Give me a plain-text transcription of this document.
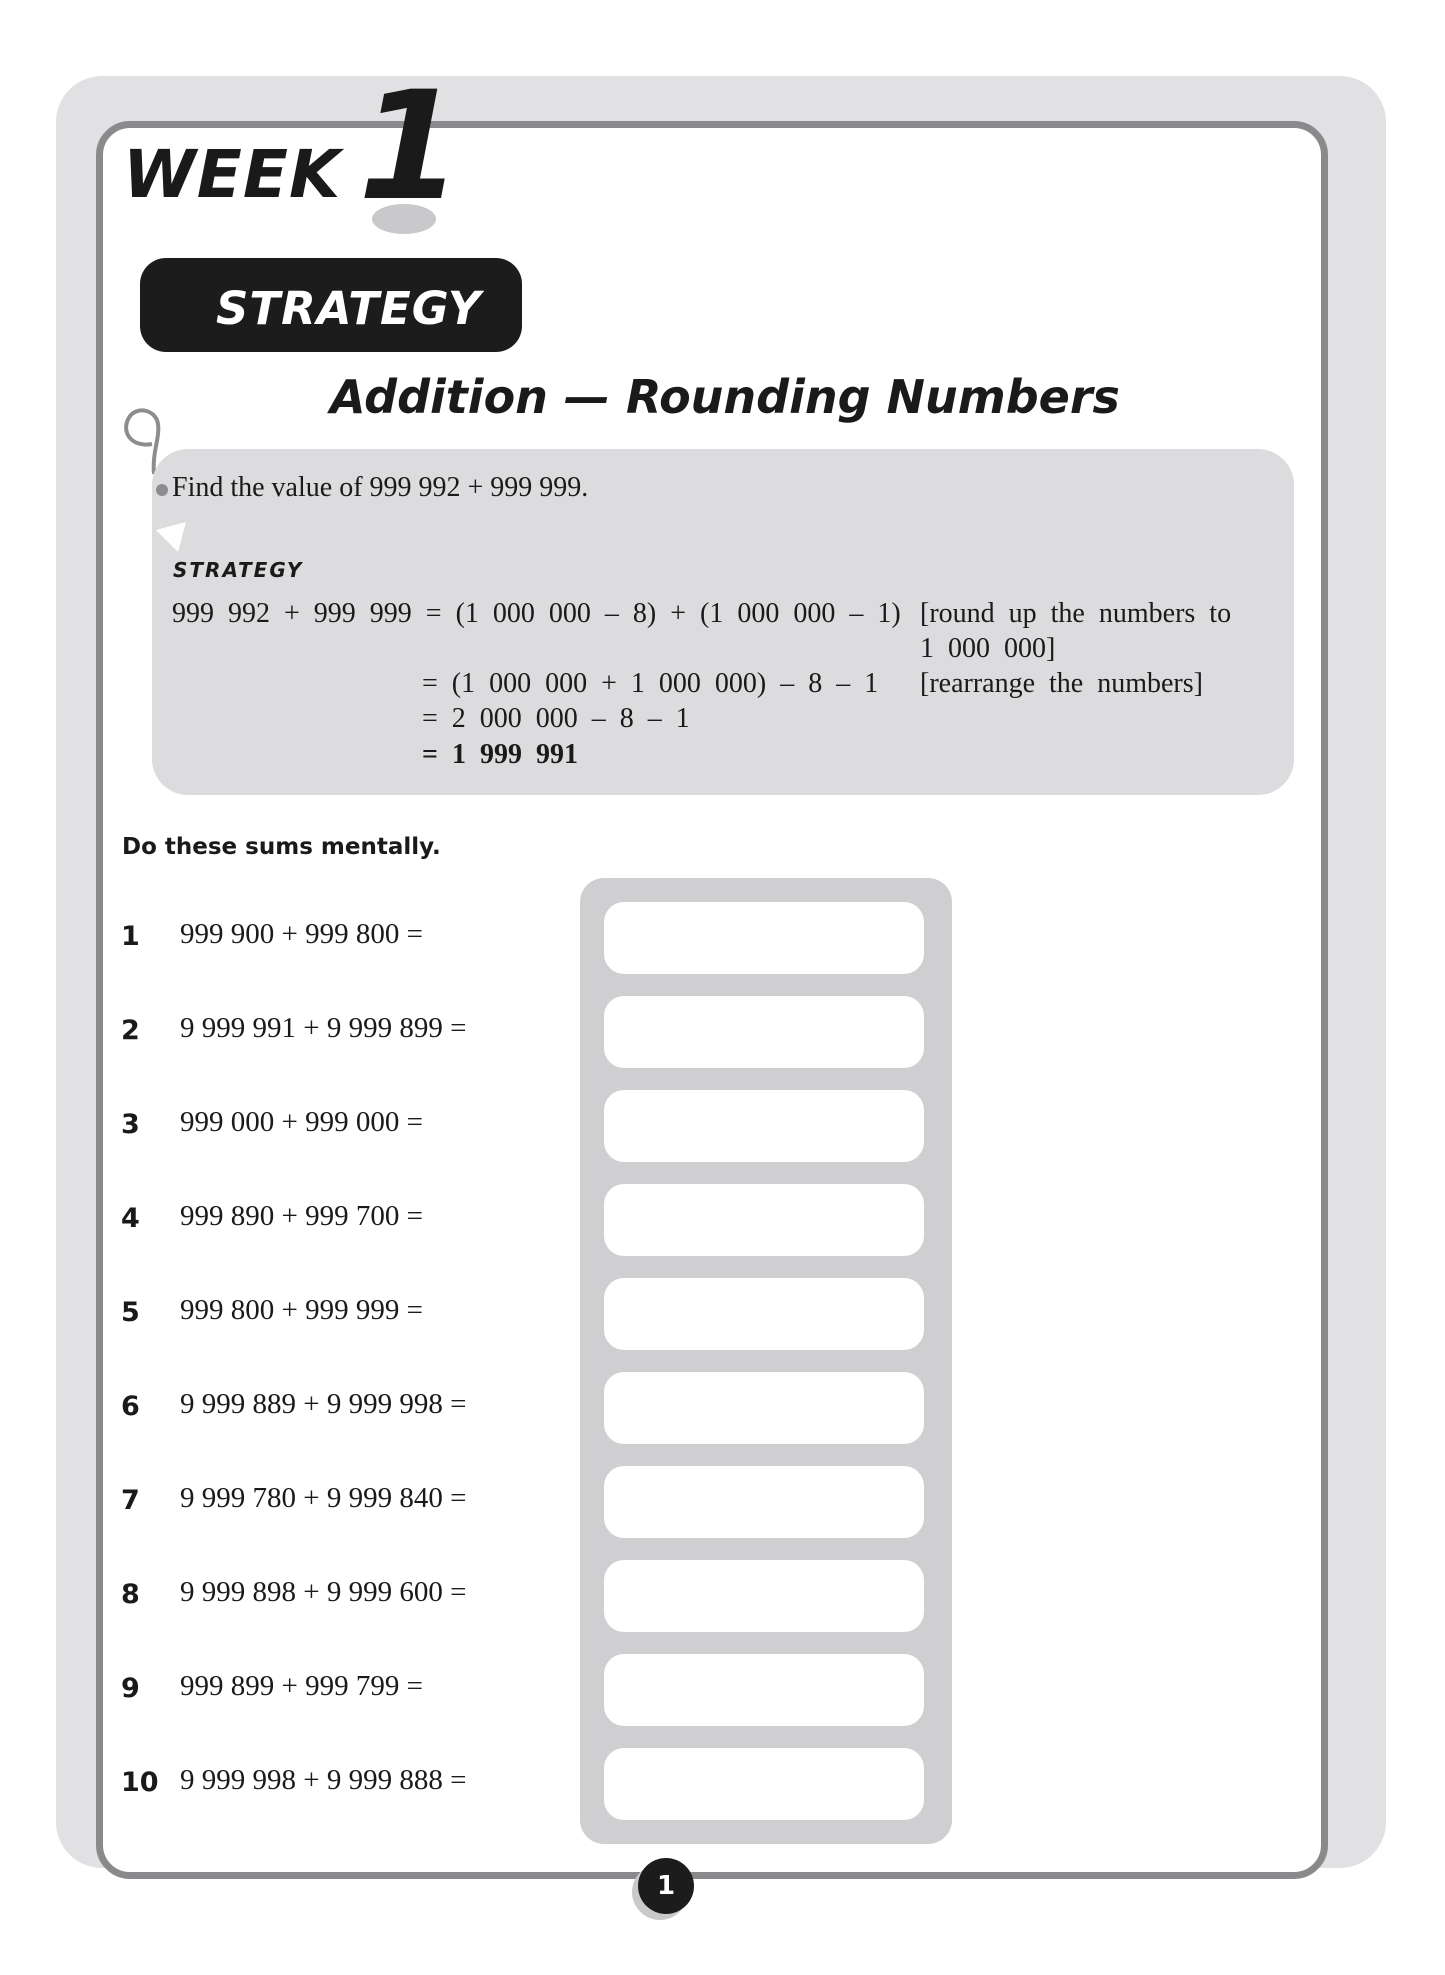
WEEK 1
STRATEGY
Addition — Rounding Numbers
Find the value of 999 992 + 999 999.
STRATEGY
999  992  +  999  999  =  (1  000  000  –  8)  +  (1  000  000  –  1)
=  (1  000  000  +  1  000  000)  –  8  –  1
=  2  000  000  –  8  –  1
=  1  999  991
[round  up  the  numbers  to
1  000  000]
[rearrange  the  numbers]
Do these sums mentally.
1 999 900 + 999 800 =
2 9 999 991 + 9 999 899 =
3 999 000 + 999 000 =
4 999 890 + 999 700 =
5 999 800 + 999 999 =
6 9 999 889 + 9 999 998 =
7 9 999 780 + 9 999 840 =
8 9 999 898 + 9 999 600 =
9 999 899 + 999 799 =
10 9 999 998 + 9 999 888 =
1
